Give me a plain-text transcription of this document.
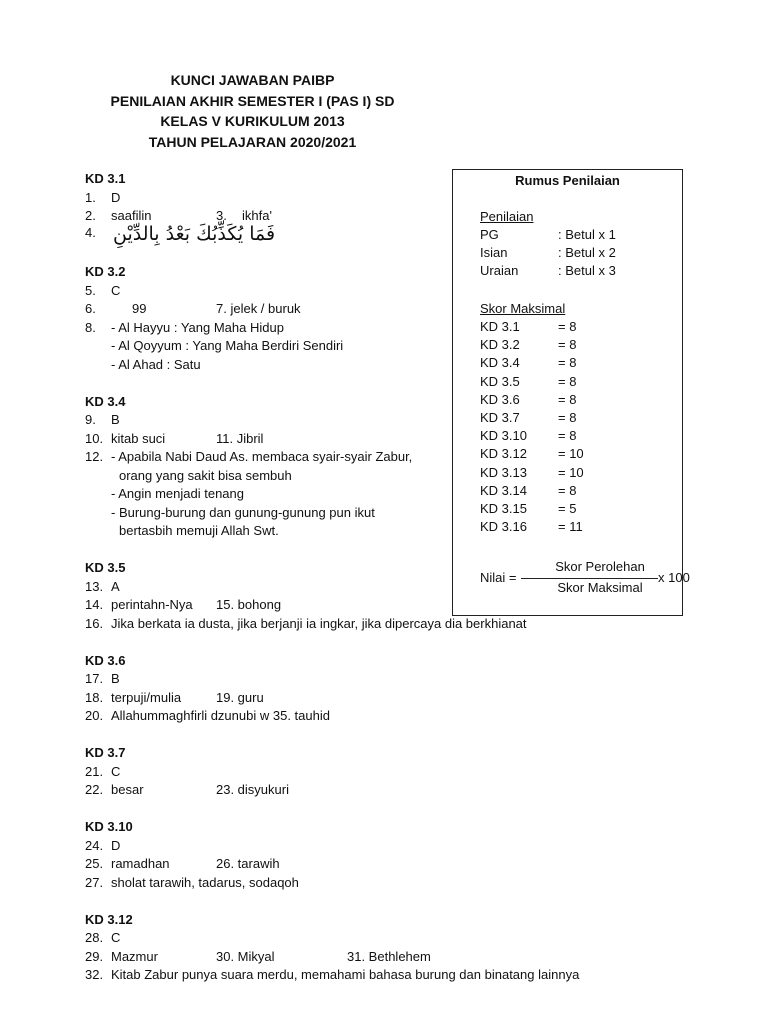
KUNCI JAWABAN PAIBP
PENILAIAN AKHIR SEMESTER I (PAS I) SD
KELAS V KURIKULUM 2013
TAHUN PELAJARAN 2020/2021
KD 3.1
1. D
2. saafilin	3. ikhfa'
4. فَمَا يُكَذِّبُكَ بَعْدُ بِالدِّيْنِ
KD 3.2
5. C
6.	99	7. jelek / buruk
8. - Al Hayyu : Yang Maha Hidup
- Al Qoyyum : Yang Maha Berdiri Sendiri
- Al Ahad : Satu
KD 3.4
9. B
10. kitab suci	11. Jibril
12. - Apabila Nabi Daud As. membaca syair-syair Zabur,
orang yang sakit bisa sembuh
- Angin menjadi tenang
- Burung-burung dan gunung-gunung pun ikut
bertasbih memuji Allah Swt.
KD 3.5
13. A
14. perintahn-Nya 15. bohong
16. Jika berkata ia dusta, jika berjanji ia ingkar, jika dipercaya dia berkhianat
KD 3.6
17. B
18. terpuji/mulia	19. guru
20. Allahummaghfirli dzunubi w 35. tauhid
KD 3.7
21. C
22. besar	23. disyukuri
KD 3.10
24. D
25. ramadhan	26. tarawih
27. sholat tarawih, tadarus, sodaqoh
KD 3.12
28. C
29. Mazmur	30. Mikyal	31. Bethlehem
32. Kitab Zabur punya suara merdu, memahami bahasa burung dan binatang lainnya
Rumus Penilaian
Penilaian
PG	: Betul x 1
Isian	: Betul x 2
Uraian	: Betul x 3
Skor Maksimal
KD 3.1	= 8
KD 3.2	= 8
KD 3.4	= 8
KD 3.5	= 8
KD 3.6	= 8
KD 3.7	= 8
KD 3.10 = 8
KD 3.12 = 10
KD 3.13 = 10
KD 3.14 = 8
KD 3.15 = 5
KD 3.16 = 11
Nilai =
Skor Perolehan
Skor Maksimal
x 100
